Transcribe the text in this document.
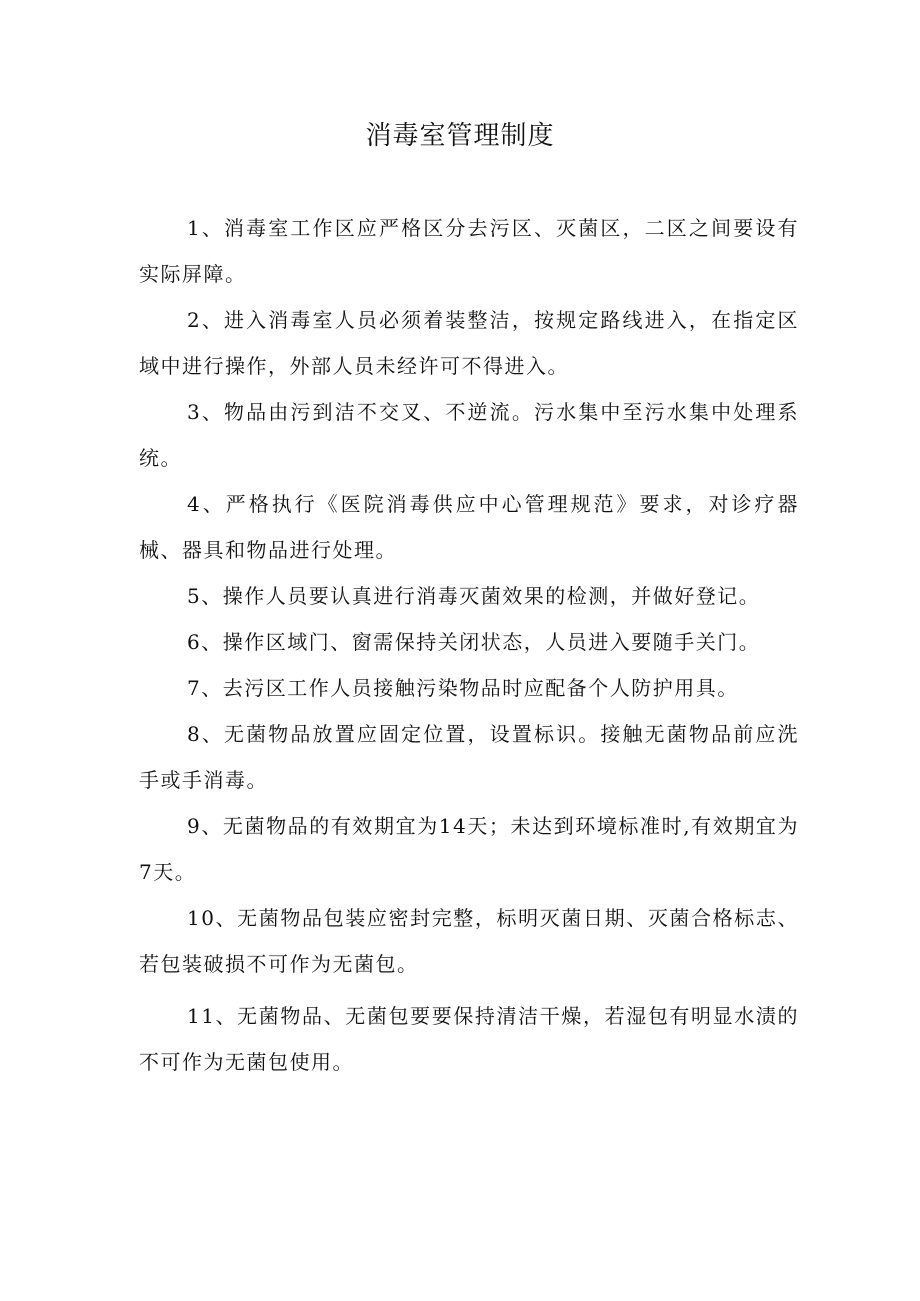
消毒室管理制度

1、消毒室工作区应严格区分去污区、灭菌区，二区之间要设有实际屏障。

2、进入消毒室人员必须着装整洁，按规定路线进入，在指定区域中进行操作，外部人员未经许可不得进入。

3、物品由污到洁不交叉、不逆流。污水集中至污水集中处理系统。

4、严格执行《医院消毒供应中心管理规范》要求，对诊疗器械、器具和物品进行处理。

5、操作人员要认真进行消毒灭菌效果的检测，并做好登记。

6、操作区域门、窗需保持关闭状态，人员进入要随手关门。

7、去污区工作人员接触污染物品时应配备个人防护用具。

8、无菌物品放置应固定位置，设置标识。接触无菌物品前应洗手或手消毒。

9、无菌物品的有效期宜为14天；未达到环境标准时,有效期宜为7天。

10、无菌物品包装应密封完整，标明灭菌日期、灭菌合格标志、若包装破损不可作为无菌包。

11、无菌物品、无菌包要要保持清洁干燥，若湿包有明显水渍的不可作为无菌包使用。
